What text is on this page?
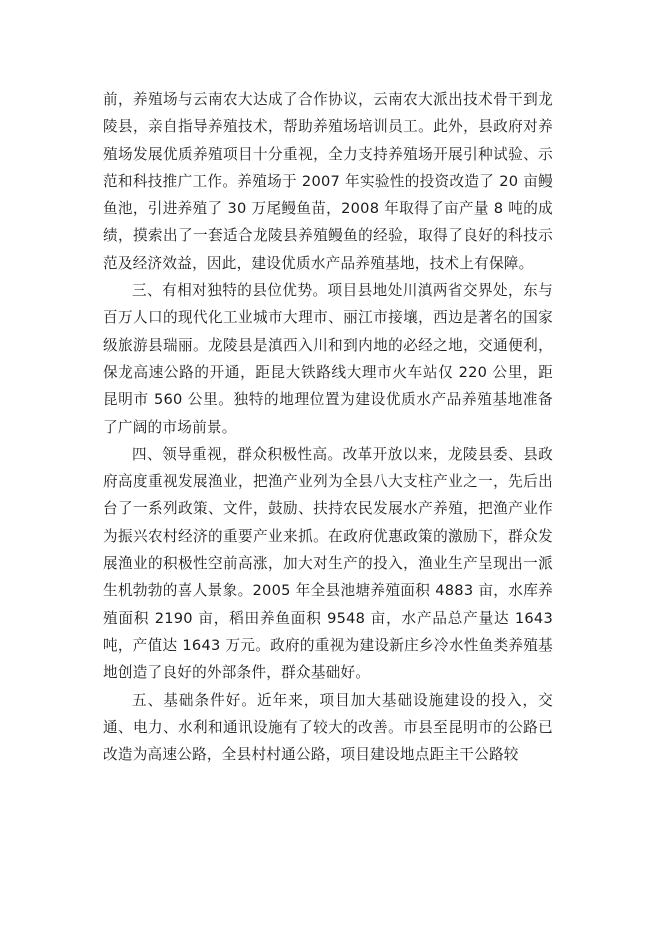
前，养殖场与云南农大达成了合作协议，云南农大派出技术骨干到龙陵县，亲自指导养殖技术，帮助养殖场培训员工。此外，县政府对养殖场发展优质养殖项目十分重视，全力支持养殖场开展引种试验、示范和科技推广工作。养殖场于 2007 年实验性的投资改造了 20 亩鳗鱼池，引进养殖了 30 万尾鳗鱼苗，2008 年取得了亩产量 8 吨的成绩，摸索出了一套适合龙陵县养殖鳗鱼的经验，取得了良好的科技示范及经济效益，因此，建设优质水产品养殖基地，技术上有保障。

三、有相对独特的县位优势。项目县地处川滇两省交界处，东与百万人口的现代化工业城市大理市、丽江市接壤，西边是著名的国家级旅游县瑞丽。龙陵县是滇西入川和到内地的必经之地，交通便利，保龙高速公路的开通，距昆大铁路线大理市火车站仅 220 公里，距昆明市 560 公里。独特的地理位置为建设优质水产品养殖基地准备了广阔的市场前景。

四、领导重视，群众积极性高。改革开放以来，龙陵县委、县政府高度重视发展渔业，把渔产业列为全县八大支柱产业之一，先后出台了一系列政策、文件，鼓励、扶持农民发展水产养殖，把渔产业作为振兴农村经济的重要产业来抓。在政府优惠政策的激励下，群众发展渔业的积极性空前高涨，加大对生产的投入，渔业生产呈现出一派生机勃勃的喜人景象。2005 年全县池塘养殖面积 4883 亩，水库养殖面积 2190 亩，稻田养鱼面积 9548 亩，水产品总产量达 1643 吨，产值达 1643 万元。政府的重视为建设新庄乡冷水性鱼类养殖基地创造了良好的外部条件，群众基础好。

五、基础条件好。近年来，项目加大基础设施建设的投入，交通、电力、水利和通讯设施有了较大的改善。市县至昆明市的公路已改造为高速公路，全县村村通公路，项目建设地点距主干公路较
